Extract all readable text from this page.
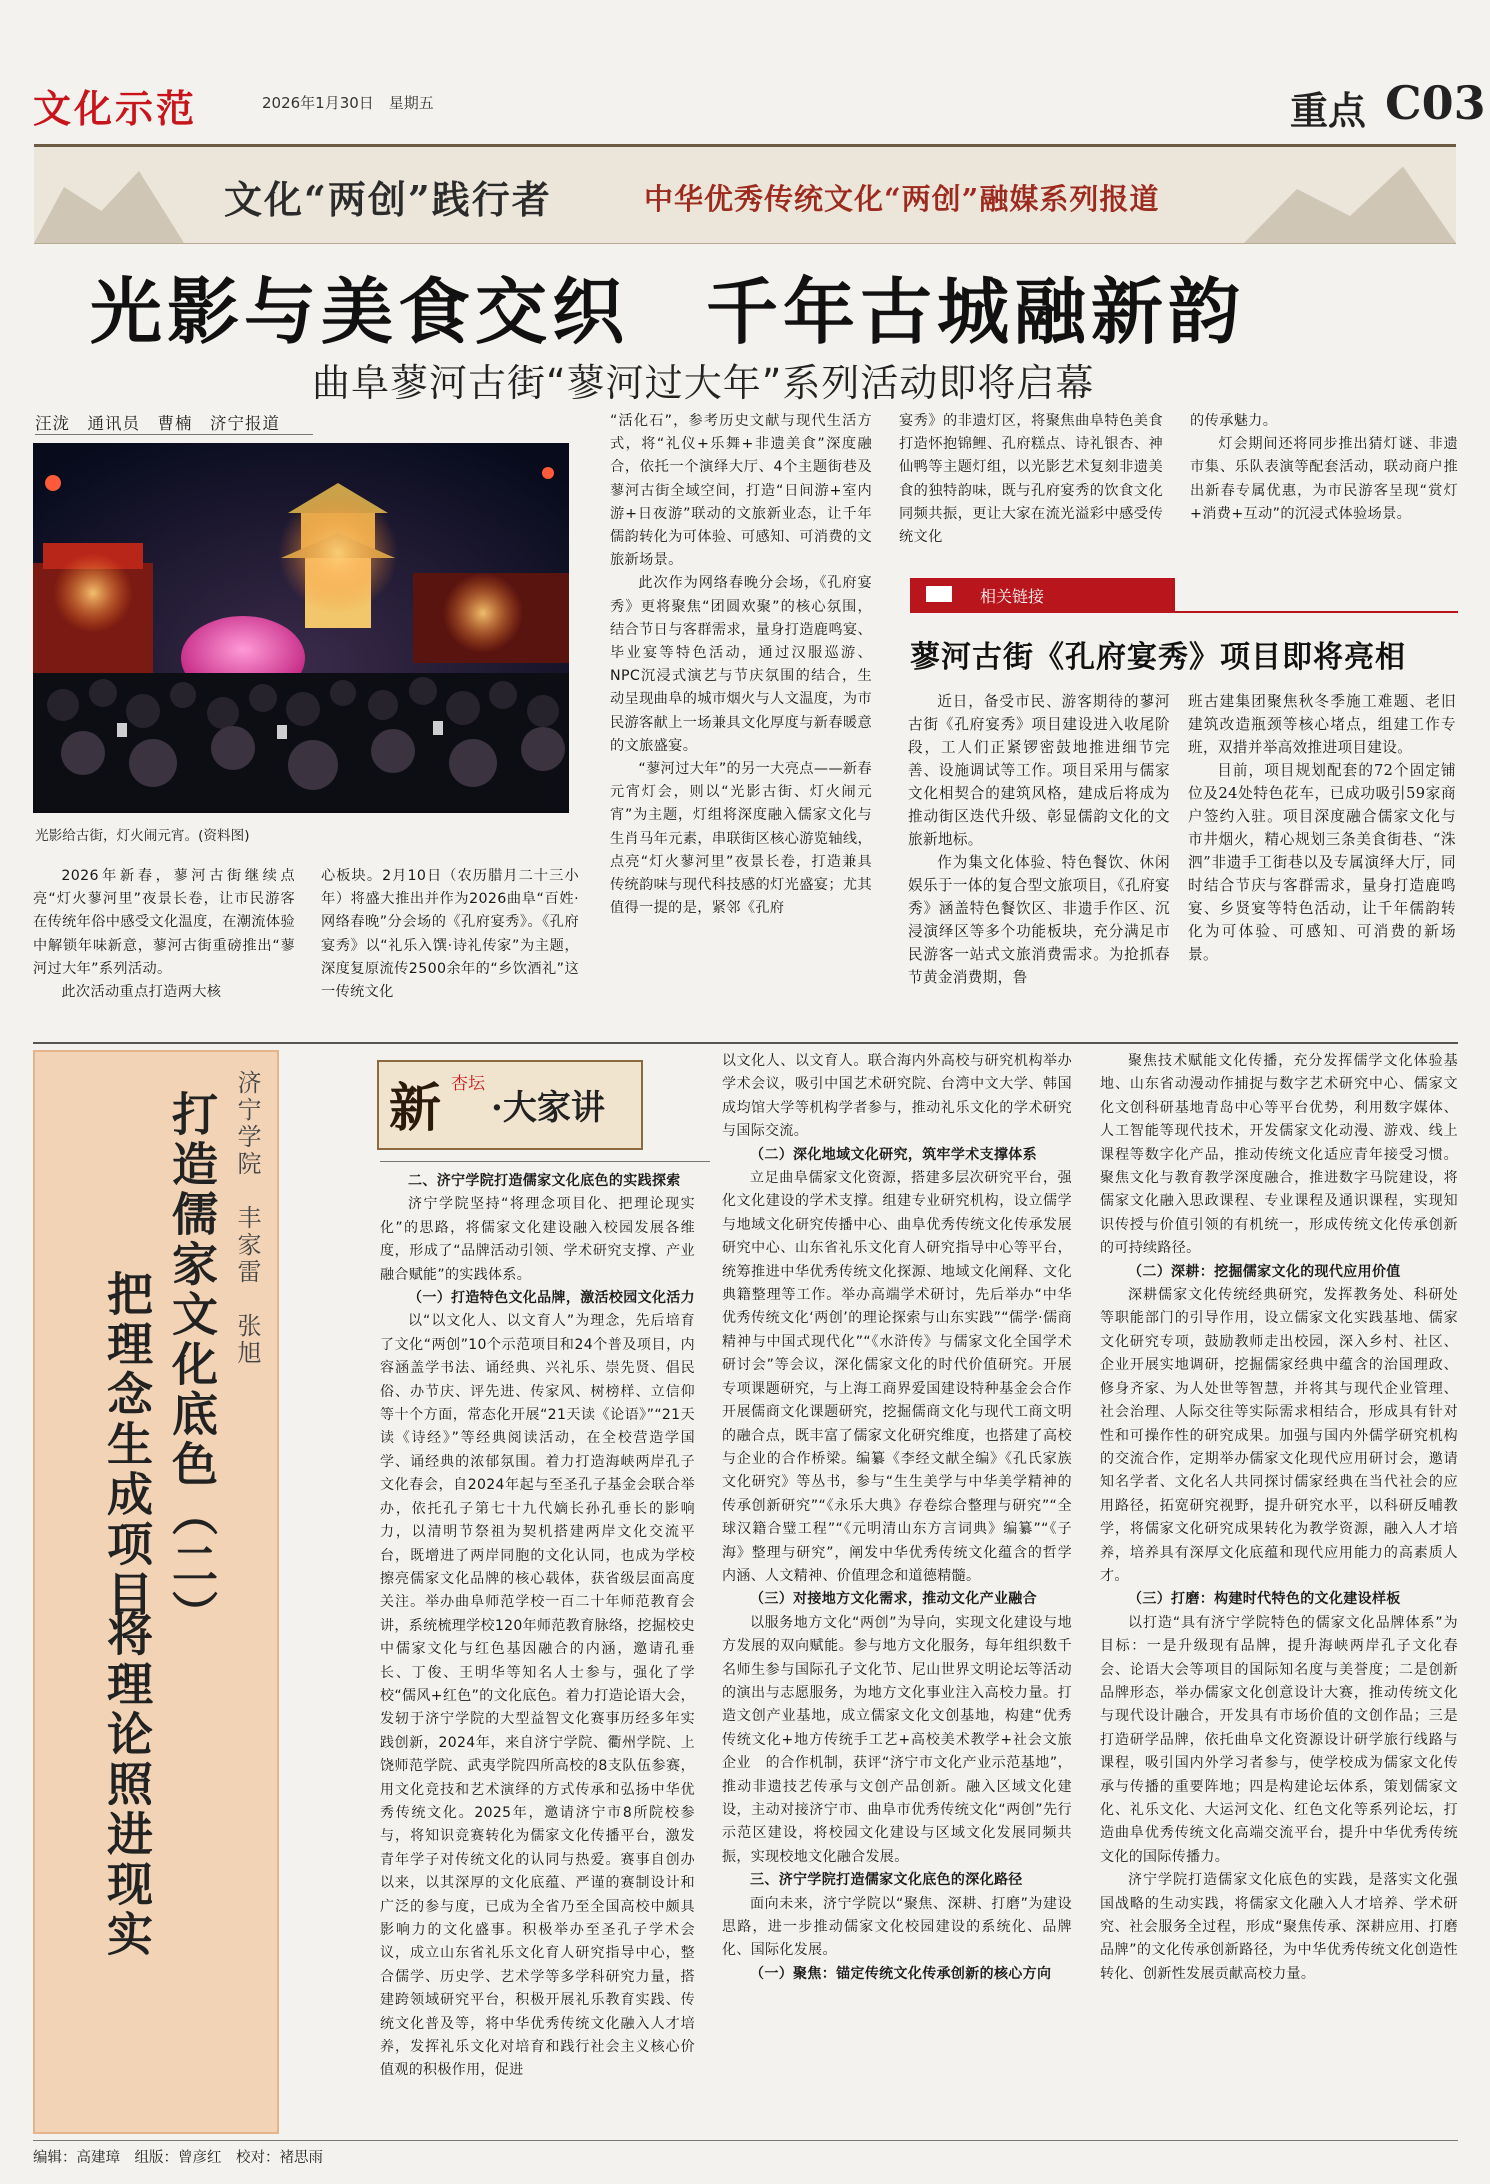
文化示范	2026年1月30日　星期五	重点 C03
文化“两创”践行者	中华优秀传统文化“两创”融媒系列报道
光影与美食交织　千年古城融新韵
曲阜蓼河古街“蓼河过大年”系列活动即将启幕
汪泷　通讯员　曹楠　济宁报道
光影给古街，灯火闹元宵。(资料图)

2026年新春，蓼河古街继续点亮“灯火蓼河里”夜景长卷，让市民游客在传统年俗中感受文化温度，在潮流体验中解锁年味新意，蓼河古街重磅推出“蓼河过大年”系列活动。

此次活动重点打造两大核

心板块。2月10日（农历腊月二十三小年）将盛大推出并作为2026曲阜“百姓·网络春晚”分会场的《孔府宴秀》。《孔府宴秀》以“礼乐入馔·诗礼传家”为主题，深度复原流传2500余年的“乡饮酒礼”这一传统文化

“活化石”，参考历史文献与现代生活方式，将“礼仪+乐舞+非遗美食”深度融合，依托一个演绎大厅、4个主题街巷及蓼河古街全域空间，打造“日间游+室内游+日夜游”联动的文旅新业态，让千年儒韵转化为可体验、可感知、可消费的文旅新场景。

此次作为网络春晚分会场，《孔府宴秀》更将聚焦“团圆欢聚”的核心氛围，结合节日与客群需求，量身打造鹿鸣宴、毕业宴等特色活动，通过汉服巡游、NPC沉浸式演艺与节庆氛围的结合，生动呈现曲阜的城市烟火与人文温度，为市民游客献上一场兼具文化厚度与新春暖意的文旅盛宴。

“蓼河过大年”的另一大亮点——新春元宵灯会，则以“光影古街、灯火闹元宵”为主题，灯组将深度融入儒家文化与生肖马年元素，串联街区核心游览轴线，点亮“灯火蓼河里”夜景长卷，打造兼具传统韵味与现代科技感的灯光盛宴；尤其值得一提的是，紧邻《孔府

宴秀》的非遗灯区，将聚焦曲阜特色美食打造怀抱锦鲤、孔府糕点、诗礼银杏、神仙鸭等主题灯组，以光影艺术复刻非遗美食的独特韵味，既与孔府宴秀的饮食文化同频共振，更让大家在流光溢彩中感受传统文化

的传承魅力。

灯会期间还将同步推出猜灯谜、非遗市集、乐队表演等配套活动，联动商户推出新春专属优惠，为市民游客呈现“赏灯+消费+互动”的沉浸式体验场景。

相关链接
蓼河古街《孔府宴秀》项目即将亮相

近日，备受市民、游客期待的蓼河古街《孔府宴秀》项目建设进入收尾阶段，工人们正紧锣密鼓地推进细节完善、设施调试等工作。项目采用与儒家文化相契合的建筑风格，建成后将成为推动街区迭代升级、彰显儒韵文化的文旅新地标。

作为集文化体验、特色餐饮、休闲娱乐于一体的复合型文旅项目，《孔府宴秀》涵盖特色餐饮区、非遗手作区、沉浸演绎区等多个功能板块，充分满足市民游客一站式文旅消费需求。为抢抓春节黄金消费期，鲁

班古建集团聚焦秋冬季施工难题、老旧建筑改造瓶颈等核心堵点，组建工作专班，双措并举高效推进项目建设。

目前，项目规划配套的72个固定铺位及24处特色花车，已成功吸引59家商户签约入驻。项目深度融合儒家文化与市井烟火，精心规划三条美食街巷、“洙泗”非遗手工街巷以及专属演绎大厅，同时结合节庆与客群需求，量身打造鹿鸣宴、乡贤宴等特色活动，让千年儒韵转化为可体验、可感知、可消费的新场景。

打造儒家文化底色（二）
把理念生成项目
将理论照进现实
济宁学院　丰家雷　张旭 新 杏坛
·大家讲

二、济宁学院打造儒家文化底色的实践探索

济宁学院坚持“将理念项目化、把理论现实化”的思路，将儒家文化建设融入校园发展各维度，形成了“品牌活动引领、学术研究支撑、产业融合赋能”的实践体系。

（一）打造特色文化品牌，激活校园文化活力

以“以文化人、以文育人”为理念，先后培育了文化“两创”10个示范项目和24个普及项目，内容涵盖学书法、诵经典、兴礼乐、崇先贤、倡民俗、办节庆、评先进、传家风、树榜样、立信仰等十个方面，常态化开展“21天读《论语》”“21天读《诗经》”等经典阅读活动，在全校营造学国学、诵经典的浓郁氛围。着力打造海峡两岸孔子文化春会，自2024年起与至圣孔子基金会联合举办，依托孔子第七十九代嫡长孙孔垂长的影响力，以清明节祭祖为契机搭建两岸文化交流平台，既增进了两岸同胞的文化认同，也成为学校擦亮儒家文化品牌的核心载体，获省级层面高度关注。举办曲阜师范学校一百二十年师范教育会讲，系统梳理学校120年师范教育脉络，挖掘校史中儒家文化与红色基因融合的内涵，邀请孔垂长、丁俊、王明华等知名人士参与，强化了学校“儒风+红色”的文化底色。着力打造论语大会，发轫于济宁学院的大型益智文化赛事历经多年实践创新，2024年，来自济宁学院、衢州学院、上饶师范学院、武夷学院四所高校的8支队伍参赛，用文化竞技和艺术演绎的方式传承和弘扬中华优秀传统文化。2025年，邀请济宁市8所院校参与，将知识竞赛转化为儒家文化传播平台，激发青年学子对传统文化的认同与热爱。赛事自创办以来，以其深厚的文化底蕴、严谨的赛制设计和广泛的参与度，已成为全省乃至全国高校中颇具影响力的文化盛事。积极举办至圣孔子学术会议，成立山东省礼乐文化育人研究指导中心，整合儒学、历史学、艺术学等多学科研究力量，搭建跨领域研究平台，积极开展礼乐教育实践、传统文化普及等，将中华优秀传统文化融入人才培养，发挥礼乐文化对培育和践行社会主义核心价值观的积极作用，促进

以文化人、以文育人。联合海内外高校与研究机构举办学术会议，吸引中国艺术研究院、台湾中文大学、韩国成均馆大学等机构学者参与，推动礼乐文化的学术研究与国际交流。

（二）深化地域文化研究，筑牢学术支撑体系

立足曲阜儒家文化资源，搭建多层次研究平台，强化文化建设的学术支撑。组建专业研究机构，设立儒学与地域文化研究传播中心、曲阜优秀传统文化传承发展研究中心、山东省礼乐文化育人研究指导中心等平台，统筹推进中华优秀传统文化探源、地域文化阐释、文化典籍整理等工作。举办高端学术研讨，先后举办“中华优秀传统文化‘两创’的理论探索与山东实践”“儒学·儒商精神与中国式现代化”“《水浒传》与儒家文化全国学术研讨会”等会议，深化儒家文化的时代价值研究。开展专项课题研究，与上海工商界爱国建设特种基金会合作开展儒商文化课题研究，挖掘儒商文化与现代工商文明的融合点，既丰富了儒家文化研究维度，也搭建了高校与企业的合作桥梁。编纂《李经文献全编》《孔氏家族文化研究》等丛书，参与“生生美学与中华美学精神的传承创新研究”“《永乐大典》存卷综合整理与研究”“全球汉籍合璧工程”“《元明清山东方言词典》编纂”“《子海》整理与研究”，阐发中华优秀传统文化蕴含的哲学内涵、人文精神、价值理念和道德精髓。

（三）对接地方文化需求，推动文化产业融合

以服务地方文化“两创”为导向，实现文化建设与地方发展的双向赋能。参与地方文化服务，每年组织数千名师生参与国际孔子文化节、尼山世界文明论坛等活动的演出与志愿服务，为地方文化事业注入高校力量。打造文创产业基地，成立儒家文化文创基地，构建“优秀传统文化+地方传统手工艺+高校美术教学+社会文旅企业　的合作机制，获评“济宁市文化产业示范基地”，推动非遗技艺传承与文创产品创新。融入区域文化建设，主动对接济宁市、曲阜市优秀传统文化“两创”先行示范区建设，将校园文化建设与区域文化发展同频共振，实现校地文化融合发展。

三、济宁学院打造儒家文化底色的深化路径

面向未来，济宁学院以“聚焦、深耕、打磨”为建设思路，进一步推动儒家文化校园建设的系统化、品牌化、国际化发展。

（一）聚焦：锚定传统文化传承创新的核心方向

聚焦技术赋能文化传播，充分发挥儒学文化体验基地、山东省动漫动作捕捉与数字艺术研究中心、儒家文化文创科研基地青岛中心等平台优势，利用数字媒体、人工智能等现代技术，开发儒家文化动漫、游戏、线上课程等数字化产品，推动传统文化适应青年接受习惯。聚焦文化与教育教学深度融合，推进数字马院建设，将儒家文化融入思政课程、专业课程及通识课程，实现知识传授与价值引领的有机统一，形成传统文化传承创新的可持续路径。

（二）深耕：挖掘儒家文化的现代应用价值

深耕儒家文化传统经典研究，发挥教务处、科研处等职能部门的引导作用，设立儒家文化实践基地、儒家文化研究专项，鼓励教师走出校园，深入乡村、社区、企业开展实地调研，挖掘儒家经典中蕴含的治国理政、修身齐家、为人处世等智慧，并将其与现代企业管理、社会治理、人际交往等实际需求相结合，形成具有针对性和可操作性的研究成果。加强与国内外儒学研究机构的交流合作，定期举办儒家文化现代应用研讨会，邀请知名学者、文化名人共同探讨儒家经典在当代社会的应用路径，拓宽研究视野，提升研究水平，以科研反哺教学，将儒家文化研究成果转化为教学资源，融入人才培养，培养具有深厚文化底蕴和现代应用能力的高素质人才。

（三）打磨：构建时代特色的文化建设样板

以打造“具有济宁学院特色的儒家文化品牌体系”为目标：一是升级现有品牌，提升海峡两岸孔子文化春会、论语大会等项目的国际知名度与美誉度；二是创新品牌形态，举办儒家文化创意设计大赛，推动传统文化与现代设计融合，开发具有市场价值的文创作品；三是打造研学品牌，依托曲阜文化资源设计研学旅行线路与课程，吸引国内外学习者参与，使学校成为儒家文化传承与传播的重要阵地；四是构建论坛体系，策划儒家文化、礼乐文化、大运河文化、红色文化等系列论坛，打造曲阜优秀传统文化高端交流平台，提升中华优秀传统文化的国际传播力。

济宁学院打造儒家文化底色的实践，是落实文化强国战略的生动实践，将儒家文化融入人才培养、学术研究、社会服务全过程，形成“聚焦传承、深耕应用、打磨品牌”的文化传承创新路径，为中华优秀传统文化创造性转化、创新性发展贡献高校力量。

编辑：高建璋　组版：曾彦红　校对：褚思雨
